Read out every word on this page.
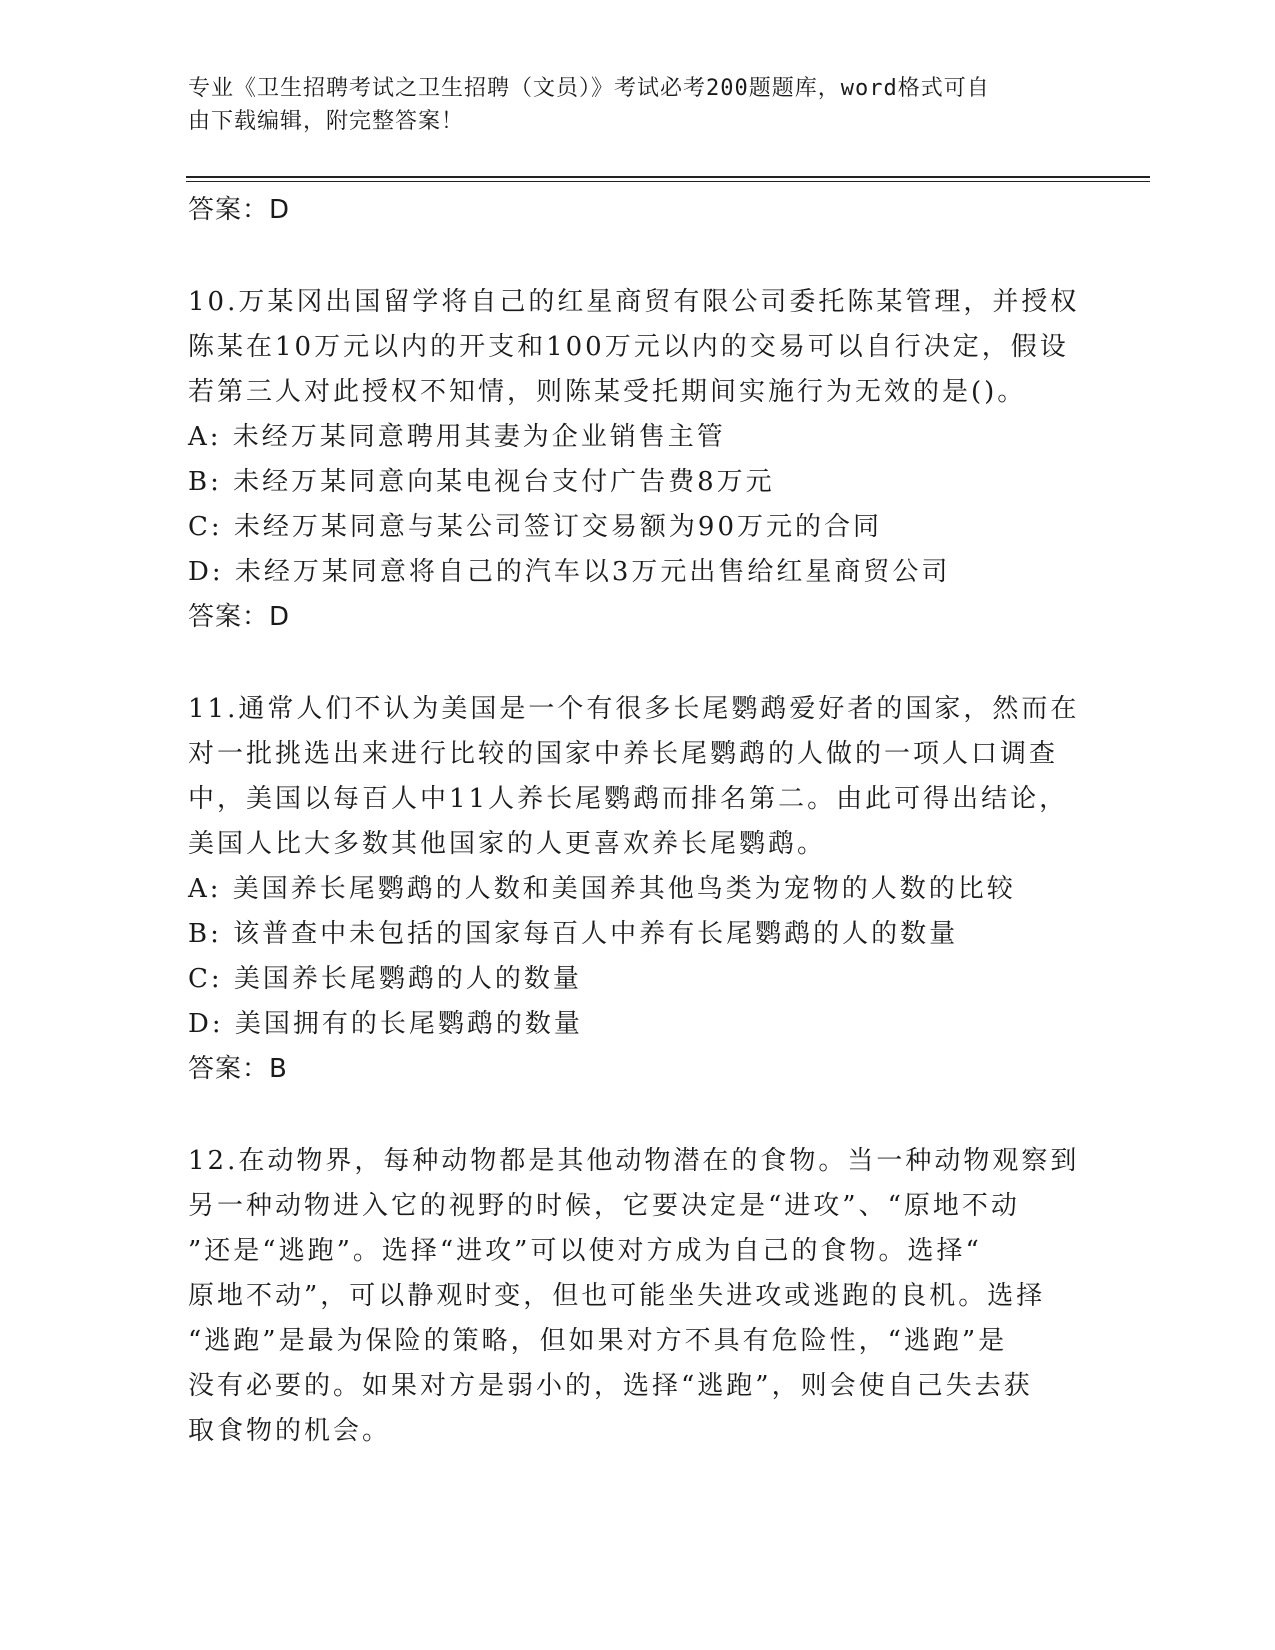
专业《卫生招聘考试之卫生招聘（文员）》考试必考200题题库，word格式可自
由下载编辑，附完整答案！

答案：D

10.万某冈出国留学将自己的红星商贸有限公司委托陈某管理，并授权

陈某在10万元以内的开支和100万元以内的交易可以自行决定，假设

若第三人对此授权不知情，则陈某受托期间实施行为无效的是()。

A: 未经万某同意聘用其妻为企业销售主管

B: 未经万某同意向某电视台支付广告费8万元

C: 未经万某同意与某公司签订交易额为90万元的合同

D: 未经万某同意将自己的汽车以3万元出售给红星商贸公司

答案：D

11.通常人们不认为美国是一个有很多长尾鹦鹉爱好者的国家，然而在

对一批挑选出来进行比较的国家中养长尾鹦鹉的人做的一项人口调查

中，美国以每百人中11人养长尾鹦鹉而排名第二。由此可得出结论，

美国人比大多数其他国家的人更喜欢养长尾鹦鹉。

A: 美国养长尾鹦鹉的人数和美国养其他鸟类为宠物的人数的比较

B: 该普查中未包括的国家每百人中养有长尾鹦鹉的人的数量

C: 美国养长尾鹦鹉的人的数量

D: 美国拥有的长尾鹦鹉的数量

答案：B

12.在动物界，每种动物都是其他动物潜在的食物。当一种动物观察到

另一种动物进入它的视野的时候，它要决定是“进攻”、“原地不动

”还是“逃跑”。选择“进攻”可以使对方成为自己的食物。选择“

原地不动”，可以静观时变，但也可能坐失进攻或逃跑的良机。选择

“逃跑”是最为保险的策略，但如果对方不具有危险性，“逃跑”是

没有必要的。如果对方是弱小的，选择“逃跑”，则会使自己失去获

取食物的机会。
